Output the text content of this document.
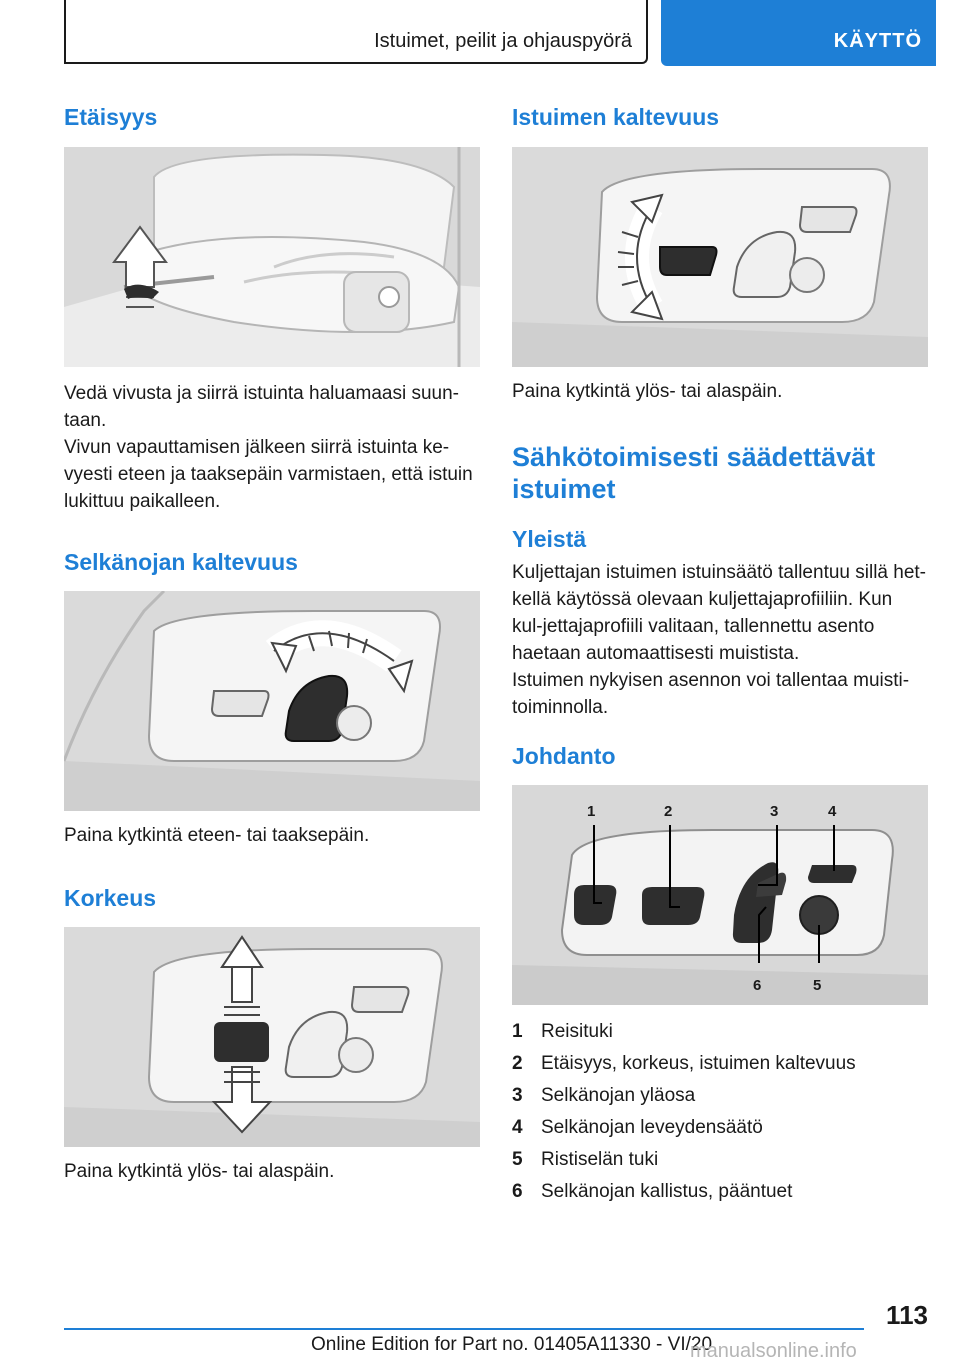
Istuimet, peilit ja ohjauspyörä	KÄYTTÖ
Etäisyys

Vedä vivusta ja siirrä istuinta haluamaasi suun-taan.

Vivun vapauttamisen jälkeen siirrä istuinta ke-vyesti eteen ja taaksepäin varmistaen, että istuin lukittuu paikalleen.

Selkänojan kaltevuus

Paina kytkintä eteen- tai taaksepäin.

Korkeus

Paina kytkintä ylös- tai alaspäin.

Istuimen kaltevuus

Paina kytkintä ylös- tai alaspäin.

Sähkötoimisesti säädettävät istuimet
Yleistä

Kuljettajan istuimen istuinsäätö tallentuu sillä het-kellä käytössä olevaan kuljettajaprofiiliin. Kun kul-jettajaprofiili valitaan, tallennettu asento haetaan automaattisesti muistista.

Istuimen nykyisen asennon voi tallentaa muisti-toiminnolla.

Johdanto
1	2	3	4
6	5
1 Reisituki
2 Etäisyys, korkeus, istuimen kaltevuus
3 Selkänojan yläosa
4 Selkänojan leveydensäätö
5 Ristiselän tuki
6 Selkänojan kallistus, pääntuet
113
Online Edition for Part no. 01405A11330 - VI/20
manualsonline.info
